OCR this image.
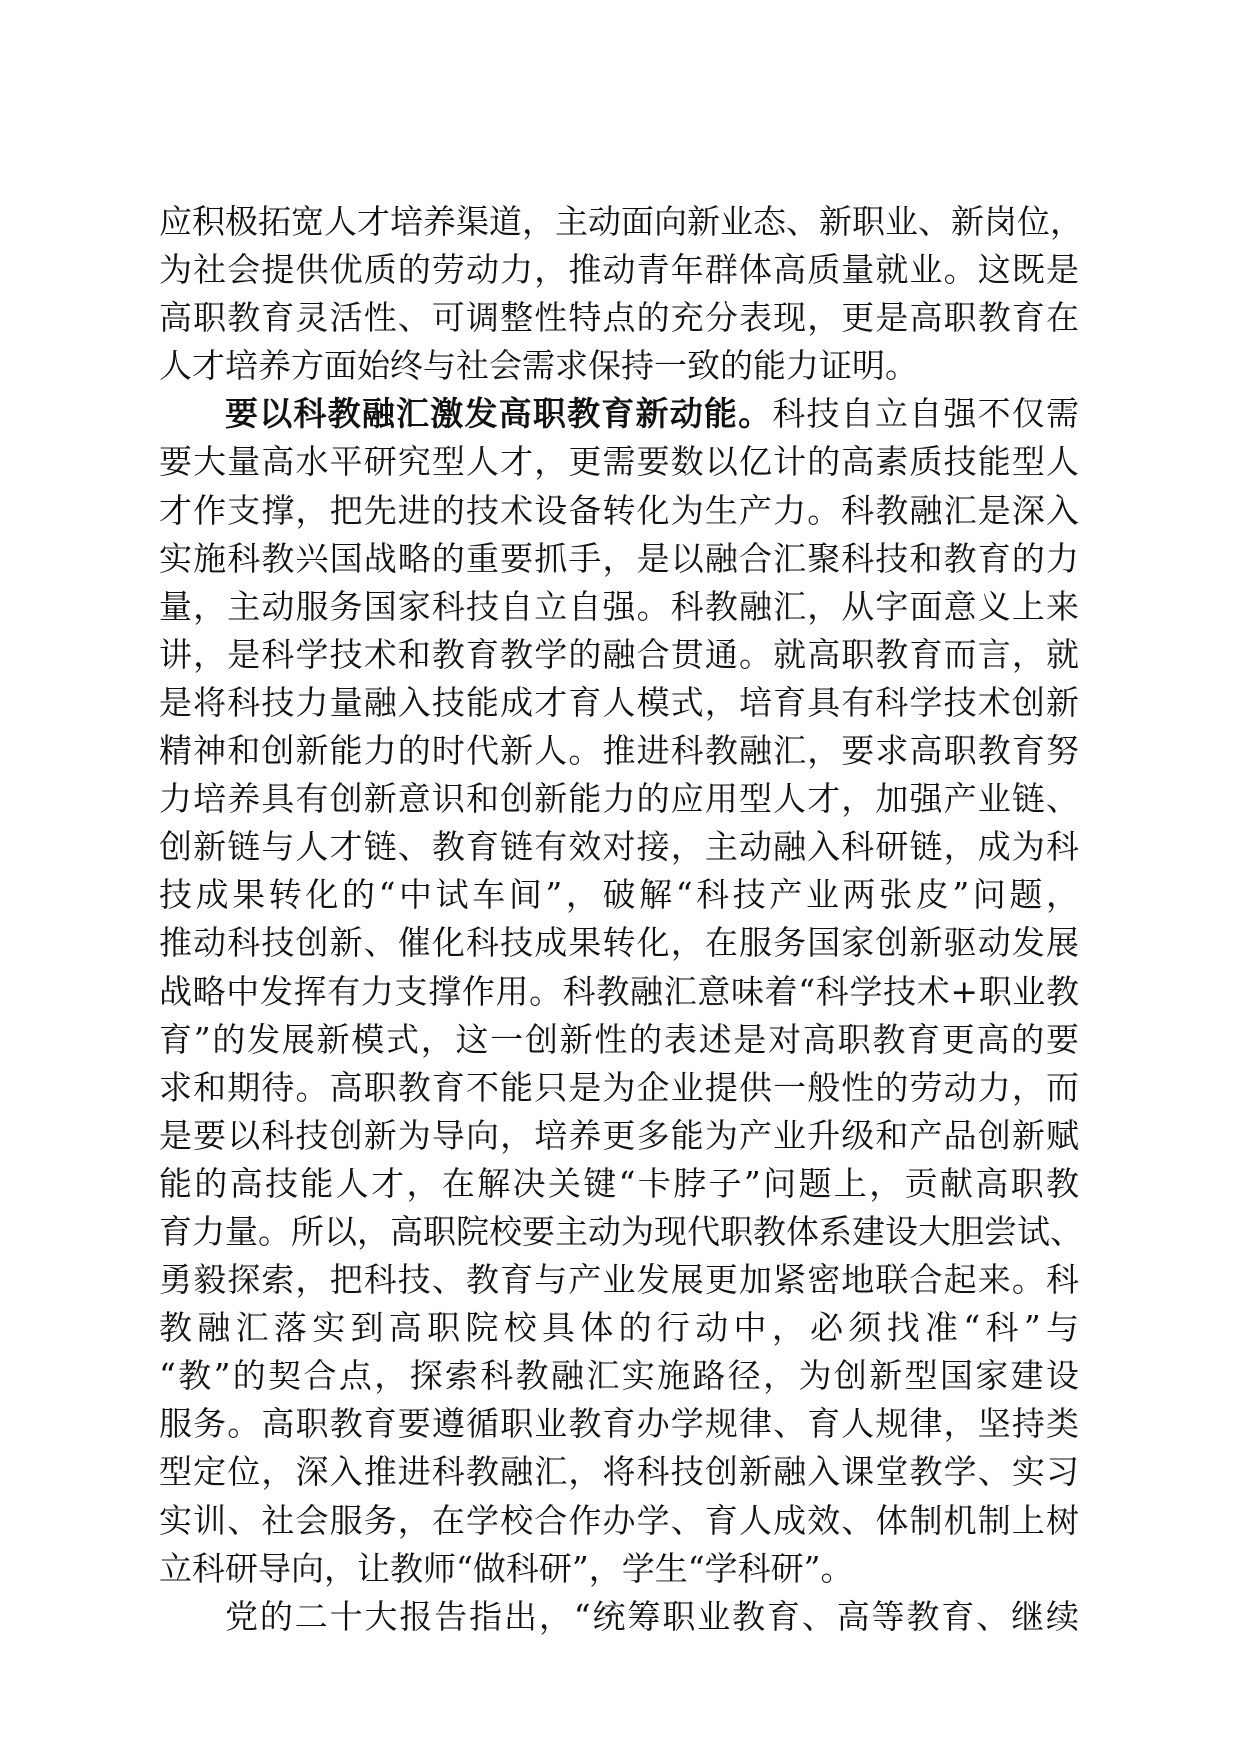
应积极拓宽人才培养渠道，主动面向新业态、新职业、新岗位，
为社会提供优质的劳动力，推动青年群体高质量就业。这既是
高职教育灵活性、可调整性特点的充分表现，更是高职教育在
人才培养方面始终与社会需求保持一致的能力证明。
要以科教融汇激发高职教育新动能。科技自立自强不仅需
要大量高水平研究型人才，更需要数以亿计的高素质技能型人
才作支撑，把先进的技术设备转化为生产力。科教融汇是深入
实施科教兴国战略的重要抓手，是以融合汇聚科技和教育的力
量，主动服务国家科技自立自强。科教融汇，从字面意义上来
讲，是科学技术和教育教学的融合贯通。就高职教育而言，就
是将科技力量融入技能成才育人模式，培育具有科学技术创新
精神和创新能力的时代新人。推进科教融汇，要求高职教育努
力培养具有创新意识和创新能力的应用型人才，加强产业链、
创新链与人才链、教育链有效对接，主动融入科研链，成为科
技成果转化的“中试车间”，破解“科技产业两张皮”问题，
推动科技创新、催化科技成果转化，在服务国家创新驱动发展
战略中发挥有力支撑作用。科教融汇意味着“科学技术+职业教
育”的发展新模式，这一创新性的表述是对高职教育更高的要
求和期待。高职教育不能只是为企业提供一般性的劳动力，而
是要以科技创新为导向，培养更多能为产业升级和产品创新赋
能的高技能人才，在解决关键“卡脖子”问题上，贡献高职教
育力量。所以，高职院校要主动为现代职教体系建设大胆尝试、
勇毅探索，把科技、教育与产业发展更加紧密地联合起来。科
教融汇落实到高职院校具体的行动中，必须找准“科”与
“教”的契合点，探索科教融汇实施路径，为创新型国家建设
服务。高职教育要遵循职业教育办学规律、育人规律，坚持类
型定位，深入推进科教融汇，将科技创新融入课堂教学、实习
实训、社会服务，在学校合作办学、育人成效、体制机制上树
立科研导向，让教师“做科研”，学生“学科研”。
党的二十大报告指出，“统筹职业教育、高等教育、继续
